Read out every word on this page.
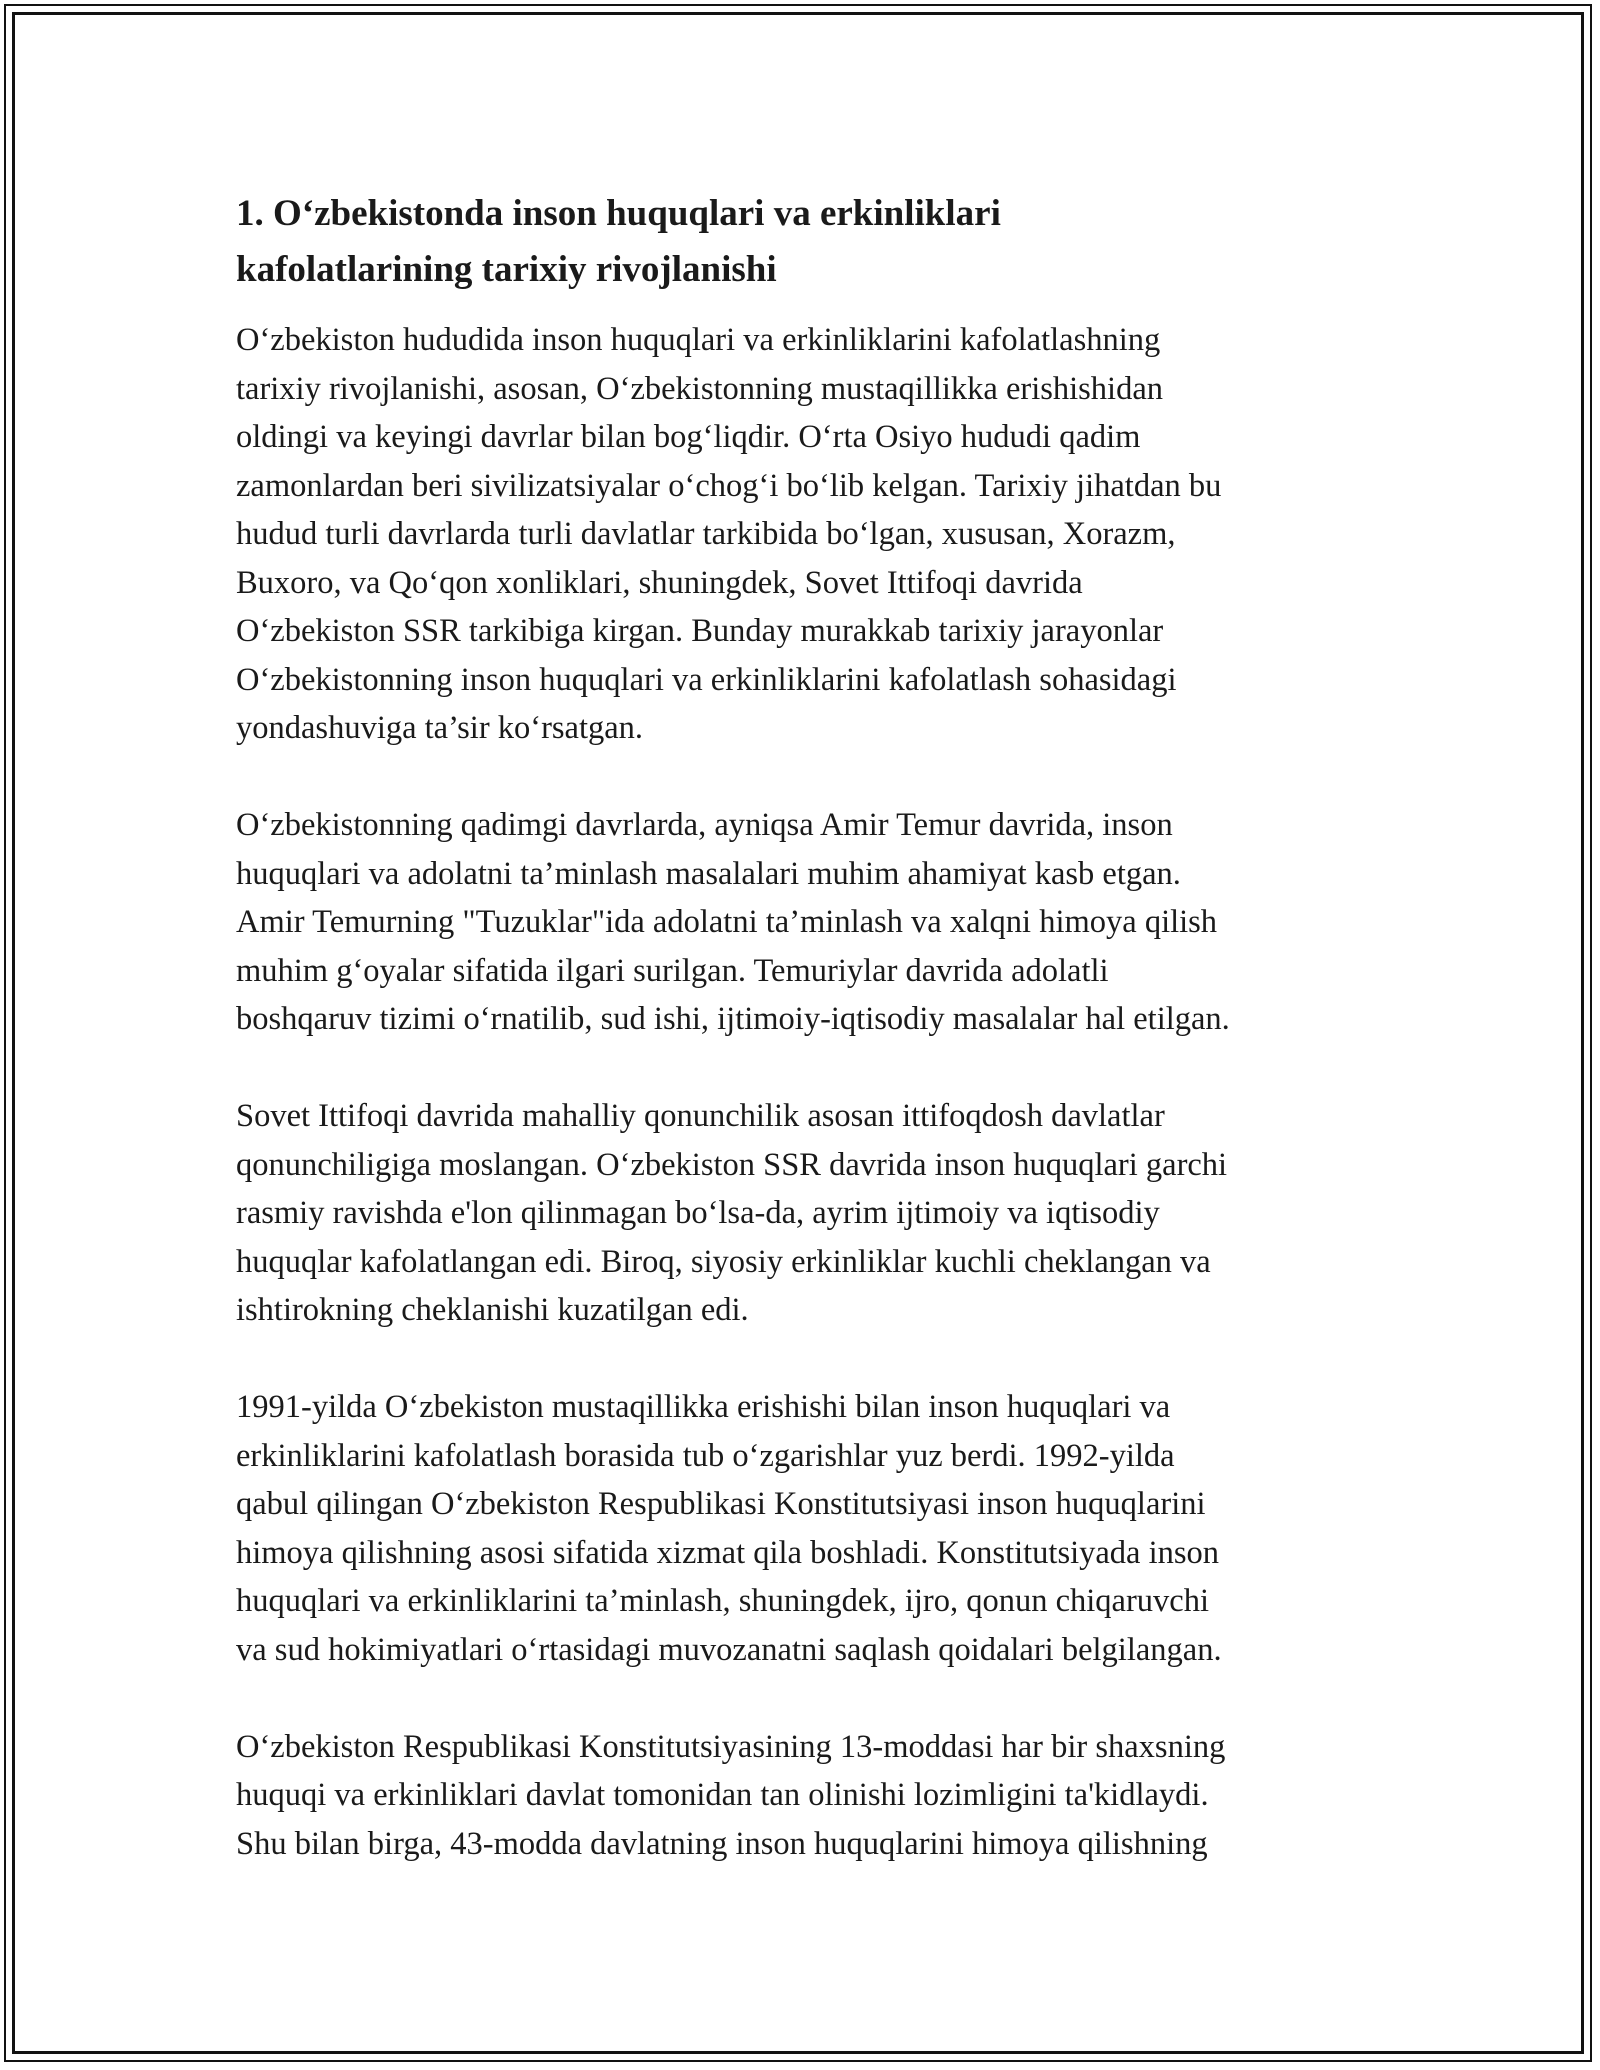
1. O‘zbekistonda inson huquqlari va erkinliklari
kafolatlarining tarixiy rivojlanishi
O‘zbekiston hududida inson huquqlari va erkinliklarini kafolatlashning
tarixiy rivojlanishi, asosan, O‘zbekistonning mustaqillikka erishishidan
oldingi va keyingi davrlar bilan bog‘liqdir. O‘rta Osiyo hududi qadim
zamonlardan beri sivilizatsiyalar o‘chog‘i bo‘lib kelgan. Tarixiy jihatdan bu
hudud turli davrlarda turli davlatlar tarkibida bo‘lgan, xususan, Xorazm,
Buxoro, va Qo‘qon xonliklari, shuningdek, Sovet Ittifoqi davrida
O‘zbekiston SSR tarkibiga kirgan. Bunday murakkab tarixiy jarayonlar
O‘zbekistonning inson huquqlari va erkinliklarini kafolatlash sohasidagi
yondashuviga ta’sir ko‘rsatgan.
O‘zbekistonning qadimgi davrlarda, ayniqsa Amir Temur davrida, inson
huquqlari va adolatni ta’minlash masalalari muhim ahamiyat kasb etgan.
Amir Temurning "Tuzuklar"ida adolatni ta’minlash va xalqni himoya qilish
muhim g‘oyalar sifatida ilgari surilgan. Temuriylar davrida adolatli
boshqaruv tizimi o‘rnatilib, sud ishi, ijtimoiy-iqtisodiy masalalar hal etilgan.
Sovet Ittifoqi davrida mahalliy qonunchilik asosan ittifoqdosh davlatlar
qonunchiligiga moslangan. O‘zbekiston SSR davrida inson huquqlari garchi
rasmiy ravishda e'lon qilinmagan bo‘lsa-da, ayrim ijtimoiy va iqtisodiy
huquqlar kafolatlangan edi. Biroq, siyosiy erkinliklar kuchli cheklangan va
ishtirokning cheklanishi kuzatilgan edi.
1991-yilda O‘zbekiston mustaqillikka erishishi bilan inson huquqlari va
erkinliklarini kafolatlash borasida tub o‘zgarishlar yuz berdi. 1992-yilda
qabul qilingan O‘zbekiston Respublikasi Konstitutsiyasi inson huquqlarini
himoya qilishning asosi sifatida xizmat qila boshladi. Konstitutsiyada inson
huquqlari va erkinliklarini ta’minlash, shuningdek, ijro, qonun chiqaruvchi
va sud hokimiyatlari o‘rtasidagi muvozanatni saqlash qoidalari belgilangan.
O‘zbekiston Respublikasi Konstitutsiyasining 13-moddasi har bir shaxsning
huquqi va erkinliklari davlat tomonidan tan olinishi lozimligini ta'kidlaydi.
Shu bilan birga, 43-modda davlatning inson huquqlarini himoya qilishning
